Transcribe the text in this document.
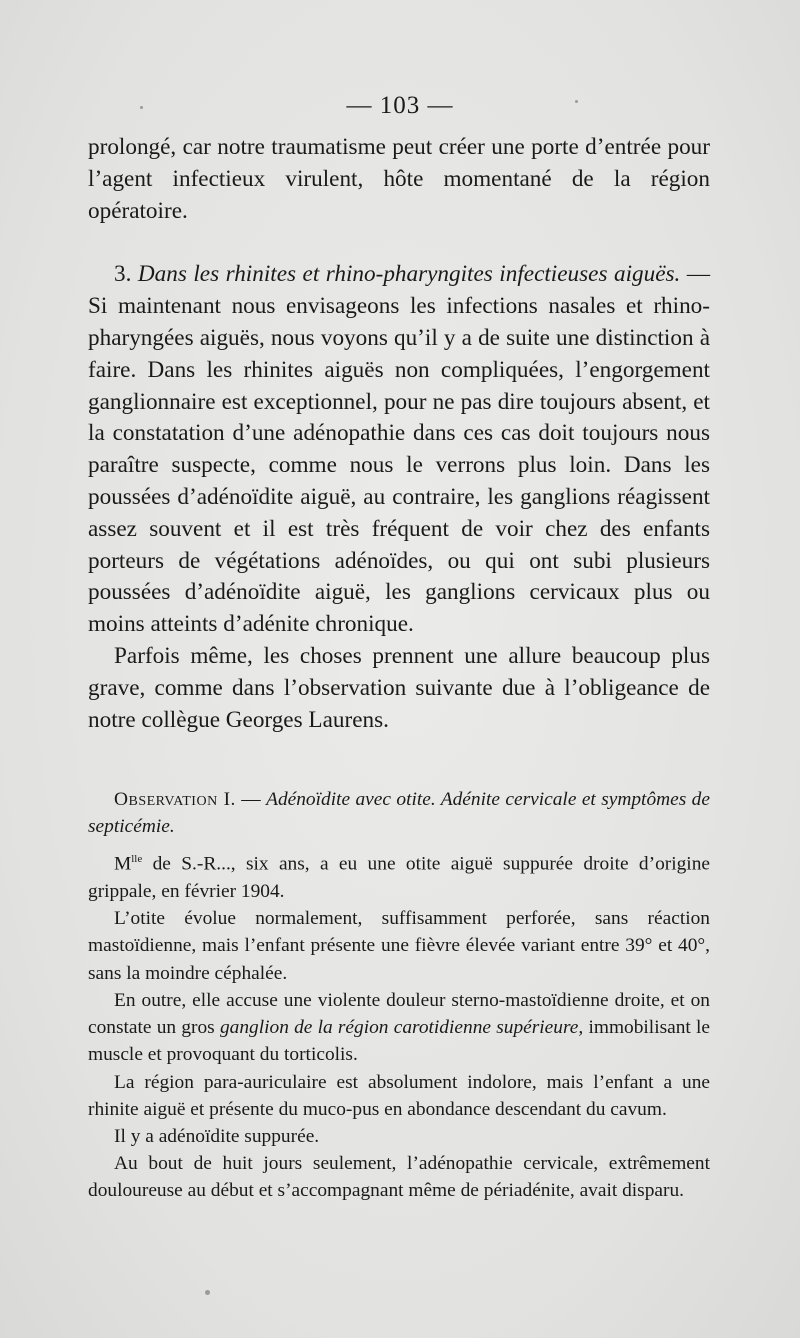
— 103 —

prolongé, car notre traumatisme peut créer une porte d’entrée pour l’agent infectieux virulent, hôte momentané de la région opératoire.

3. Dans les rhinites et rhino-pharyngites infectieuses aiguës. — Si maintenant nous envisageons les infections nasales et rhino-pharyngées aiguës, nous voyons qu’il y a de suite une distinction à faire. Dans les rhinites aiguës non compliquées, l’engorgement ganglionnaire est exceptionnel, pour ne pas dire toujours absent, et la constatation d’une adénopathie dans ces cas doit toujours nous paraître suspecte, comme nous le verrons plus loin. Dans les poussées d’adénoïdite aiguë, au contraire, les ganglions réagissent assez souvent et il est très fréquent de voir chez des enfants porteurs de végétations adénoïdes, ou qui ont subi plusieurs poussées d’adénoïdite aiguë, les ganglions cervicaux plus ou moins atteints d’adénite chronique.

Parfois même, les choses prennent une allure beaucoup plus grave, comme dans l’observation suivante due à l’obligeance de notre collègue Georges Laurens.

Observation I. — Adénoïdite avec otite. Adénite cervicale et symptômes de septicémie.

$M^{lle}$ de S.-R..., six ans, a eu une otite aiguë suppurée droite d’origine grippale, en février 1904.

L’otite évolue normalement, suffisamment perforée, sans réaction mastoïdienne, mais l’enfant présente une fièvre élevée variant entre 39° et 40°, sans la moindre céphalée.

En outre, elle accuse une violente douleur sterno-mastoïdienne droite, et on constate un gros ganglion de la région carotidienne supérieure, immobilisant le muscle et provoquant du torticolis.

La région para-auriculaire est absolument indolore, mais l’enfant a une rhinite aiguë et présente du muco-pus en abondance descendant du cavum.

Il y a adénoïdite suppurée.

Au bout de huit jours seulement, l’adénopathie cervicale, extrêmement douloureuse au début et s’accompagnant même de périadénite, avait disparu.
